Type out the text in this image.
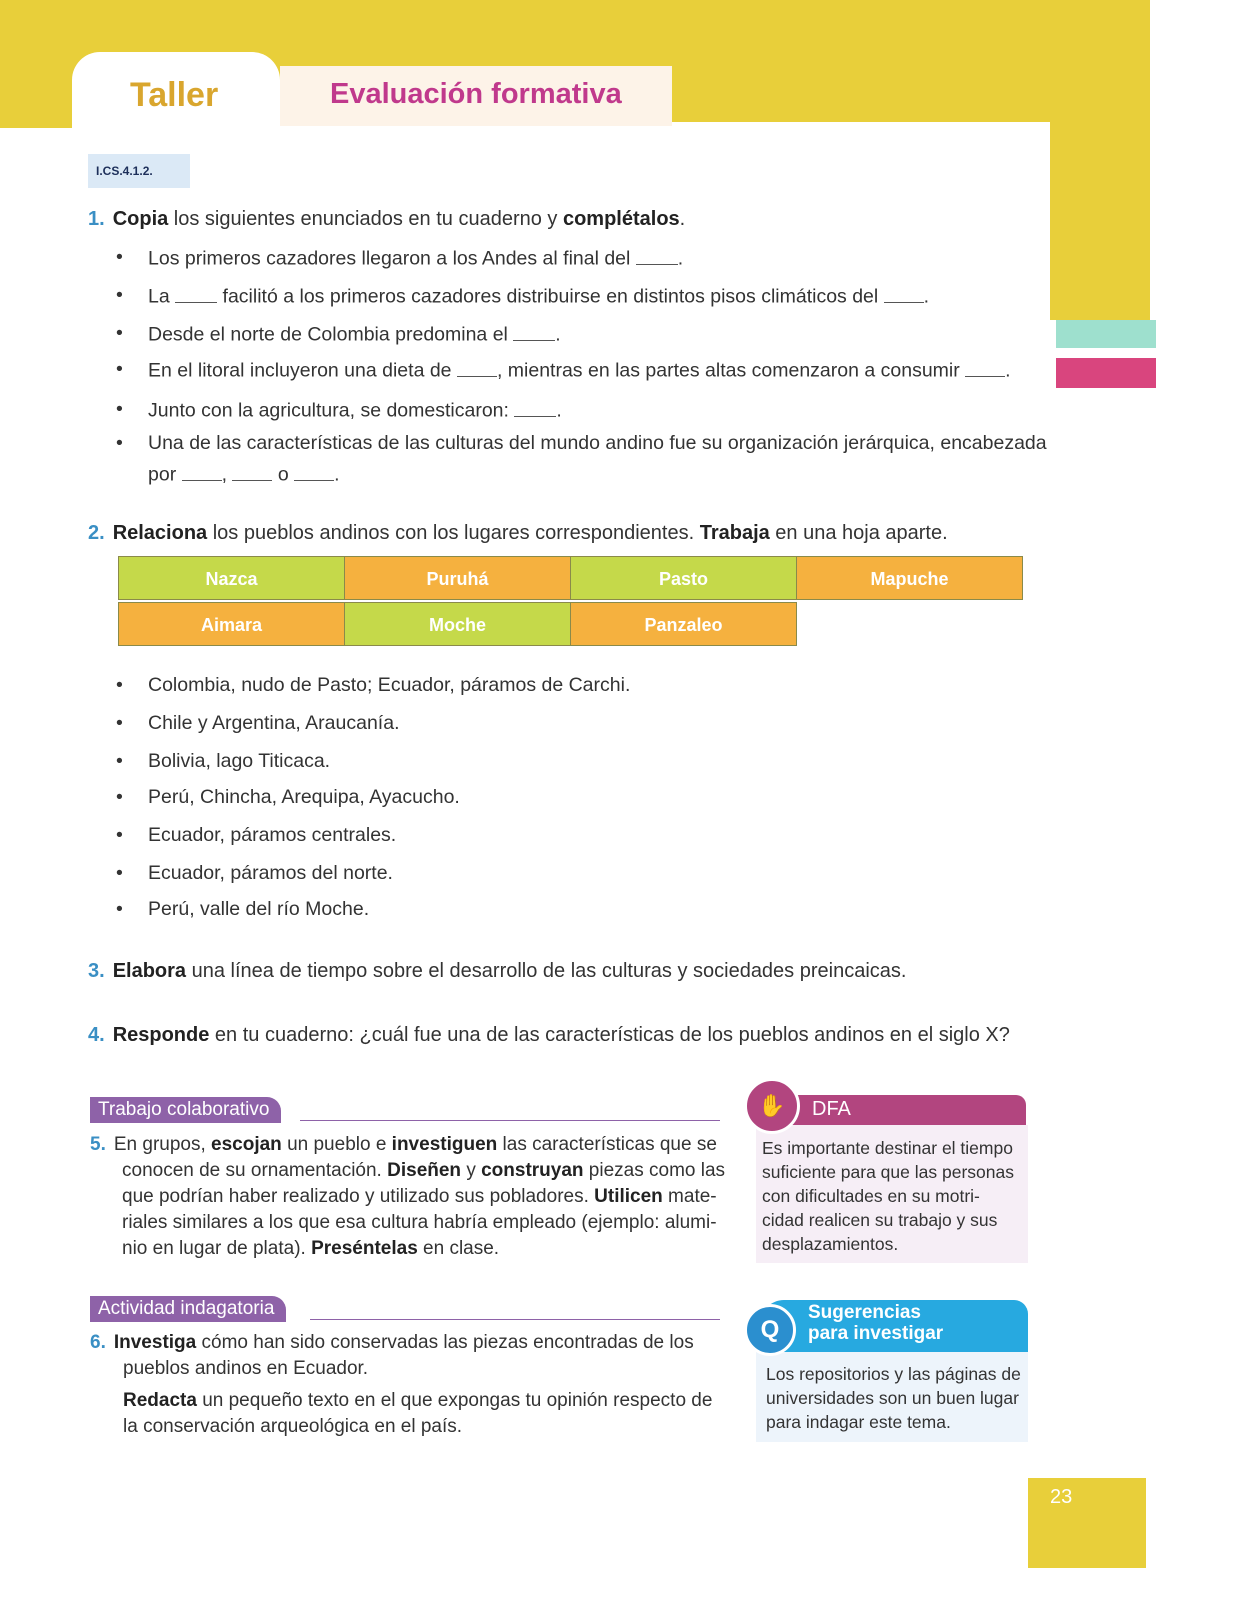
Taller	Evaluación formativa
I.CS.4.1.2.
1. Copia los siguientes enunciados en tu cuaderno y complétalos.
• Los primeros cazadores llegaron a los Andes al final del .
• La	facilitó a los primeros cazadores distribuirse en distintos pisos climáticos del .
• Desde el norte de Colombia predomina el .
• En el litoral incluyeron una dieta de , mientras en las partes altas comenzaron a consumir .
• Junto con la agricultura, se domesticaron: .
• Una de las características de las culturas del mundo andino fue su organización jerárquica, encabezada
por ,	o .
2. Relaciona los pueblos andinos con los lugares correspondientes. Trabaja en una hoja aparte.
Nazca	Puruhá	Pasto	Mapuche
Aimara	Moche	Panzaleo
• Colombia, nudo de Pasto; Ecuador, páramos de Carchi.
• Chile y Argentina, Araucanía.
• Bolivia, lago Titicaca.
• Perú, Chincha, Arequipa, Ayacucho.
• Ecuador, páramos centrales.
• Ecuador, páramos del norte.
• Perú, valle del río Moche.
3. Elabora una línea de tiempo sobre el desarrollo de las culturas y sociedades preincaicas.
4. Responde en tu cuaderno: ¿cuál fue una de las características de los pueblos andinos en el siglo X?
Trabajo colaborativo
5. En grupos, escojan un pueblo e investiguen las características que se
conocen de su ornamentación. Diseñen y construyan piezas como las
que podrían haber realizado y utilizado sus pobladores. Utilicen mate-
riales similares a los que esa cultura habría empleado (ejemplo: alumi-
nio en lugar de plata). Preséntelas en clase.
DFA
✋
Es importante destinar el tiempo
suficiente para que las personas
con dificultades en su motri-
cidad realicen su trabajo y sus
desplazamientos.
Actividad indagatoria
6. Investiga cómo han sido conservadas las piezas encontradas de los
pueblos andinos en Ecuador.
Redacta un pequeño texto en el que expongas tu opinión respecto de
la conservación arqueológica en el país.
Q
Sugerencias
para investigar
Los repositorios y las páginas de
universidades son un buen lugar
para indagar este tema.
23
